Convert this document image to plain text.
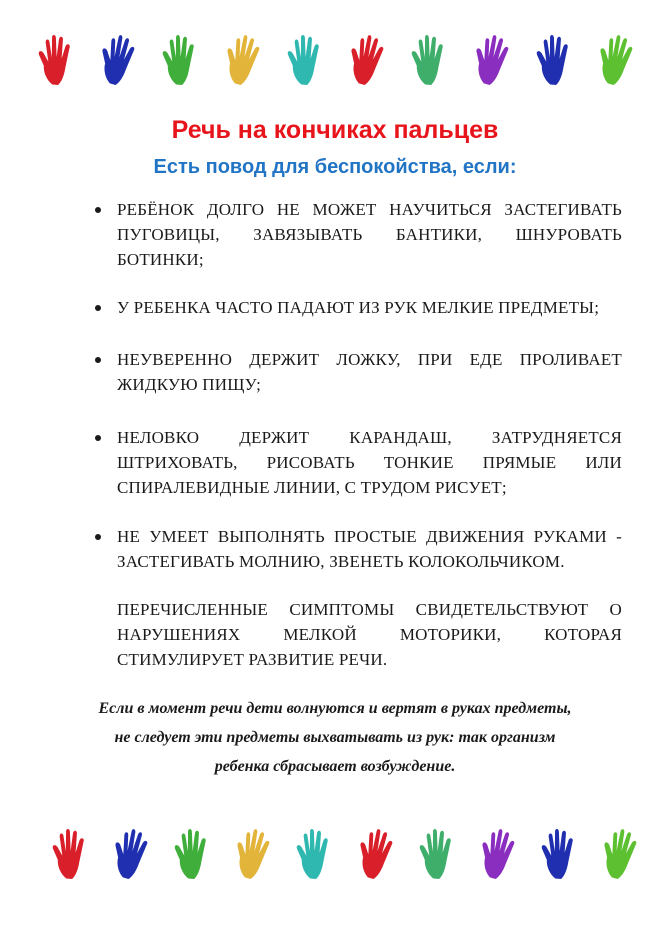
Речь на кончиках пальцев
Есть повод для беспокойства, если:
РЕБЁНОК ДОЛГО НЕ МОЖЕТ НАУЧИТЬСЯ ЗАСТЕГИВАТЬ ПУГОВИЦЫ, ЗАВЯЗЫВАТЬ БАНТИКИ, ШНУРОВАТЬ БОТИНКИ;
У РЕБЕНКА ЧАСТО ПАДАЮТ ИЗ РУК МЕЛКИЕ ПРЕДМЕТЫ;
НЕУВЕРЕННО ДЕРЖИТ ЛОЖКУ, ПРИ ЕДЕ ПРОЛИВАЕТ ЖИДКУЮ ПИЩУ;
НЕЛОВКО ДЕРЖИТ КАРАНДАШ, ЗАТРУДНЯЕТСЯ ШТРИХОВАТЬ, РИСОВАТЬ ТОНКИЕ ПРЯМЫЕ ИЛИ СПИРАЛЕВИДНЫЕ ЛИНИИ, С ТРУДОМ РИСУЕТ;
НЕ УМЕЕТ ВЫПОЛНЯТЬ ПРОСТЫЕ ДВИЖЕНИЯ РУКАМИ - ЗАСТЕГИВАТЬ МОЛНИЮ, ЗВЕНЕТЬ КОЛОКОЛЬЧИКОМ.

ПЕРЕЧИСЛЕННЫЕ СИМПТОМЫ СВИДЕТЕЛЬСТВУЮТ О НАРУШЕНИЯХ МЕЛКОЙ МОТОРИКИ, КОТОРАЯ СТИМУЛИРУЕТ РАЗВИТИЕ РЕЧИ.

Если в момент речи дети волнуются и вертят в руках предметы, не следует эти предметы выхватывать из рук: так организм ребенка сбрасывает возбуждение.
